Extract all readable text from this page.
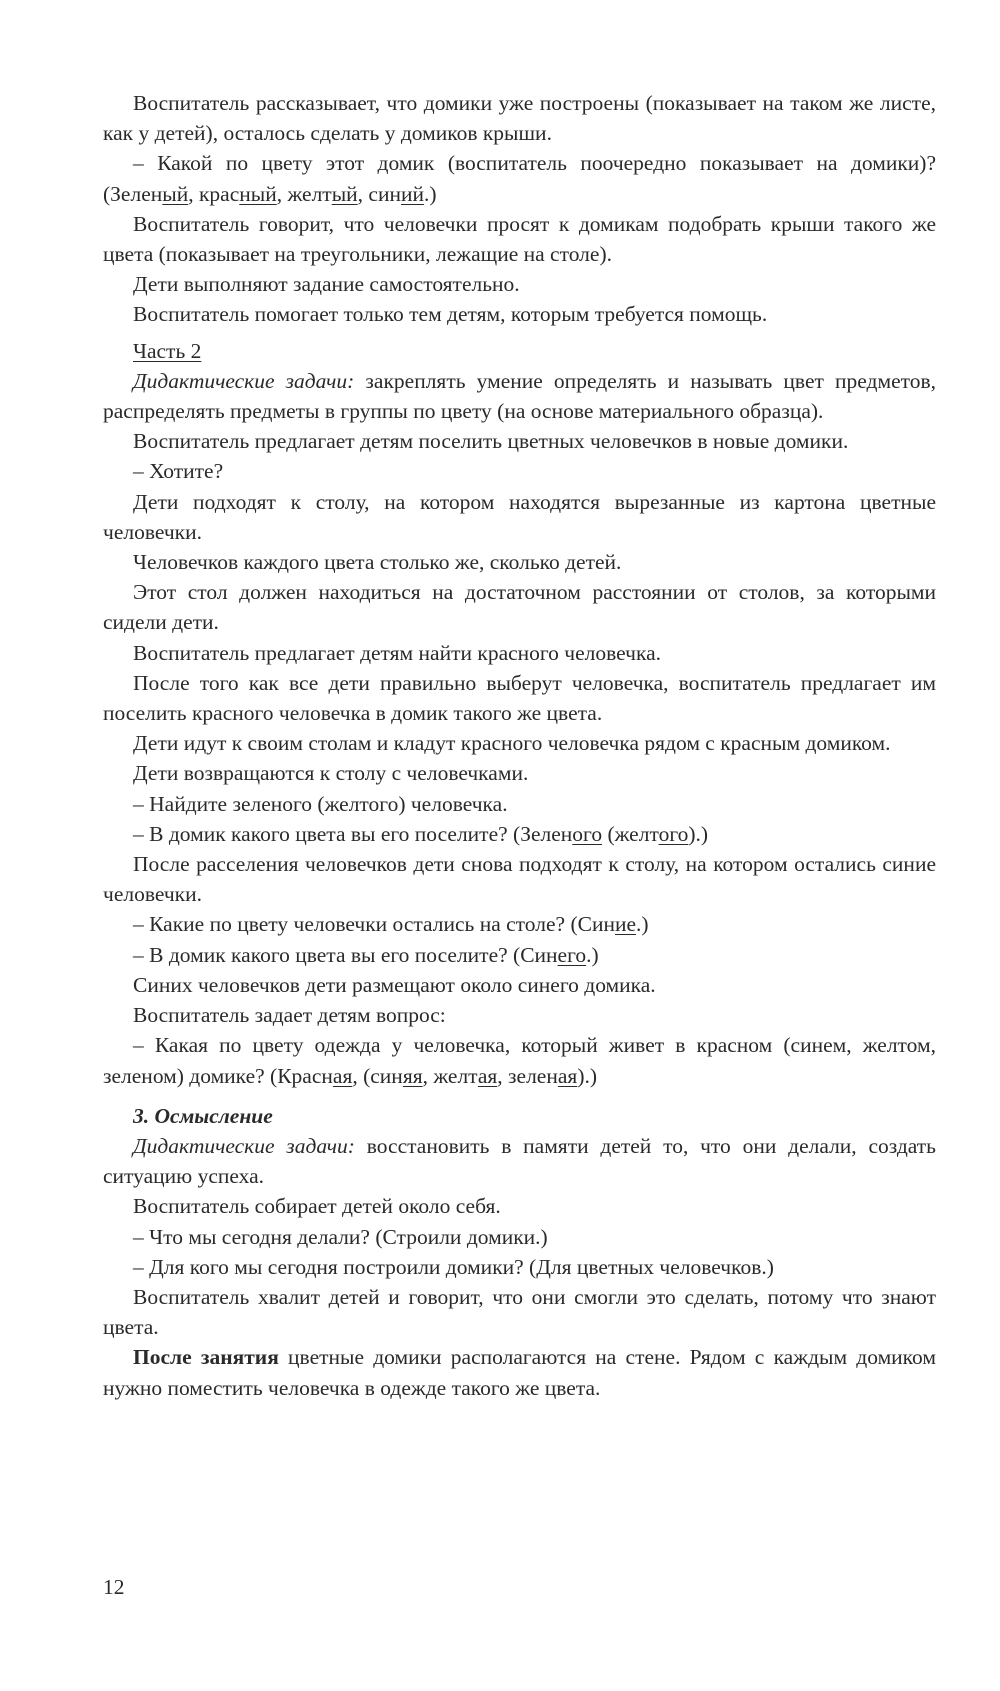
Воспитатель рассказывает, что домики уже построены (показывает на таком же листе, как у детей), осталось сделать у домиков крыши.

– Какой по цвету этот домик (воспитатель поочередно показывает на домики)? (Зеленый, красный, желтый, синий.)

Воспитатель говорит, что человечки просят к домикам подобрать крыши такого же цвета (показывает на треугольники, лежащие на столе).

Дети выполняют задание самостоятельно.

Воспитатель помогает только тем детям, которым требуется помощь.

Часть 2

Дидактические задачи: закреплять умение определять и называть цвет предметов, распределять предметы в группы по цвету (на основе материального образца).

Воспитатель предлагает детям поселить цветных человечков в новые домики.

– Хотите?

Дети подходят к столу, на котором находятся вырезанные из картона цветные человечки.

Человечков каждого цвета столько же, сколько детей.

Этот стол должен находиться на достаточном расстоянии от столов, за которыми сидели дети.

Воспитатель предлагает детям найти красного человечка.

После того как все дети правильно выберут человечка, воспитатель предлагает им поселить красного человечка в домик такого же цвета.

Дети идут к своим столам и кладут красного человечка рядом с красным домиком.

Дети возвращаются к столу с человечками.

– Найдите зеленого (желтого) человечка.

– В домик какого цвета вы его поселите? (Зеленого (желтого).)

После расселения человечков дети снова подходят к столу, на котором остались синие человечки.

– Какие по цвету человечки остались на столе? (Синие.)

– В домик какого цвета вы его поселите? (Синего.)

Синих человечков дети размещают около синего домика.

Воспитатель задает детям вопрос:

– Какая по цвету одежда у человечка, который живет в красном (синем, желтом, зеленом) домике? (Красная, (синяя, желтая, зеленая).)

3. Осмысление

Дидактические задачи: восстановить в памяти детей то, что они делали, создать ситуацию успеха.

Воспитатель собирает детей около себя.

– Что мы сегодня делали? (Строили домики.)

– Для кого мы сегодня построили домики? (Для цветных человечков.)

Воспитатель хвалит детей и говорит, что они смогли это сделать, потому что знают цвета.

После занятия цветные домики располагаются на стене. Рядом с каждым домиком нужно поместить человечка в одежде такого же цвета.

12
